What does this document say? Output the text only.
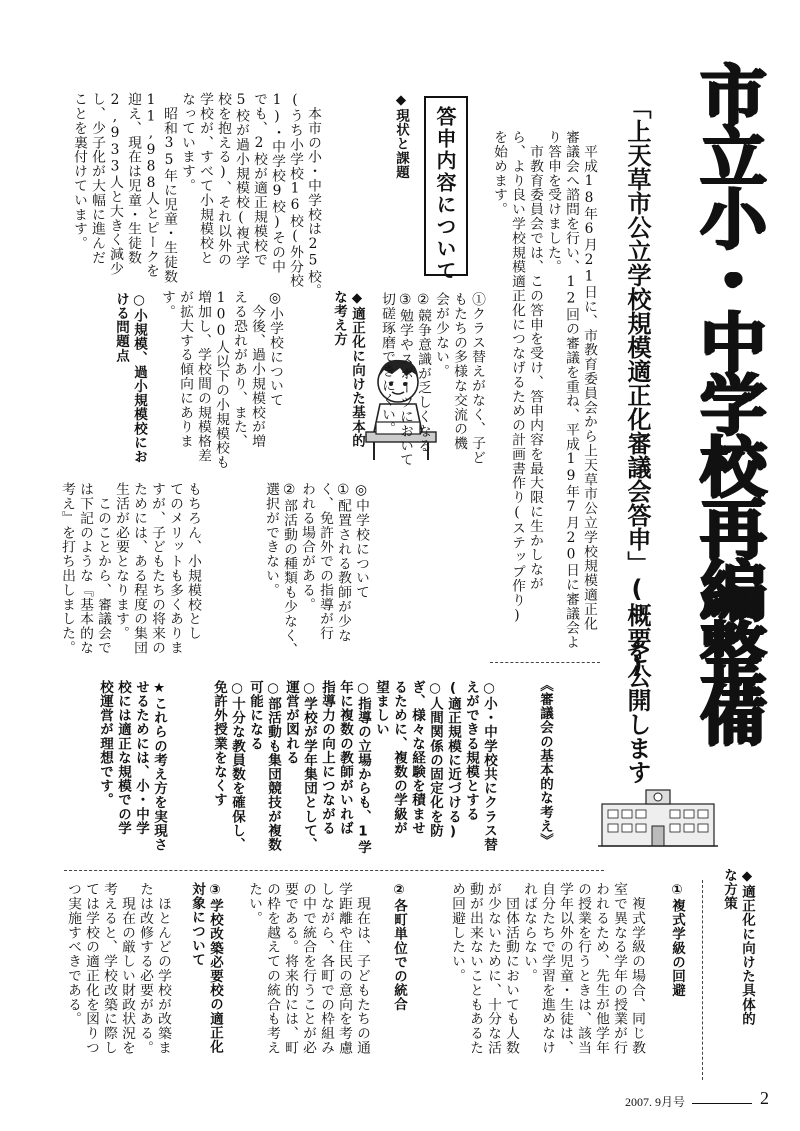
市立小・中学校再編整備
「上天草市公立学校規模適正化審議会答申」(概要)
を公開します
　平成18年6月21日に、市教育委員会から上天草市公立学校規模適正化
審議会へ諮問を行い、12回の審議を重ね、平成19年7月20日に審議会よ
り答申を受けました。
　市教育委員会では、この答申を受け、答申内容を最大限に生かしなが
ら、より良い学校規模適正化につなげるための計画書作り(ステップ作り)
を始めます。
答申内容について
◆現状と課題
　本市の小・中学校は25校。
(うち小学校16校(外分校
1)・中学校9校)その中
でも、2校が適正規模校で
5校が過小規模校(複式学
校を抱える)、それ以外の
学校が、すべて小規模校と
なっています。
　昭和35年に児童・生徒数
11,988人とピークを
迎え、現在は児童・生徒数
2,933人と大きく減少
し、少子化が大幅に進んだ
ことを裏付けています。
◆適正化に向けた基本的
な考え方
◎小学校について
　今後、過小規模校が増
える恐れがあり、また、
100人以下の小規模校も
増加し、学校間の規模格差
が拡大する傾向にありま
す。
◎中学校について
①配置される教師が少な
く、免許外での指導が行
われる場合がある。
②部活動の種類も少なく、
選択ができない。
○小規模、過小規模校にお
ける問題点	①クラス替えがなく、子ど
もたちの多様な交流の機
会が少ない。
②競争意識が乏しくなる
③勉学やスポーツにおいて
切磋琢磨できにくい。
もちろん、小規模校とし
てのメリットも多くありま
すが、子どもたちの将来の
ためには、ある程度の集団
生活が必要となります。
　このことから、審議会で
は下記のような『基本的な
考え』を打ち出しました。
《審議会の基本的な考え》
○小・中学校共にクラス替
えができる規模とする
(適正規模に近づける)
○人間関係の固定化を防
ぎ、様々な経験を積ませ
るために、複数の学級が
望ましい
○指導の立場からも、1学
年に複数の教師がいれば
指導力の向上につながる
○学校が学年集団として、
運営が図れる
○部活動も集団競技が複数
可能になる
○十分な教員数を確保し、
免許外授業をなくす
★これらの考え方を実現さ
せるためには、小・中学
校には適正な規模での学
校運営が理想です。
◆適正化に向けた具体的
な方策
①複式学級の回避
　複式学級の場合、同じ教
室で異なる学年の授業が行
われるため、先生が他学年
の授業を行うときは、該当
学年以外の児童・生徒は、
自分たちで学習を進めなけ
ればならない。
　団体活動においても人数
が少ないために、十分な活
動が出来ないこともあるた
め回避したい。
②各町単位での統合
　現在は、子どもたちの通
学距離や住民の意向を考慮
しながら、各町での枠組み
の中で統合を行うことが必
要である。将来的には、町
の枠を越えての統合も考え
たい。
③学校改築必要校の適正化
対象について
　ほとんどの学校が改築ま
たは改修する必要がある。
　現在の厳しい財政状況を
考えると、学校改築に際し
ては学校の適正化を図りつ
つ実施すべきである。
2007. 9月号	2
